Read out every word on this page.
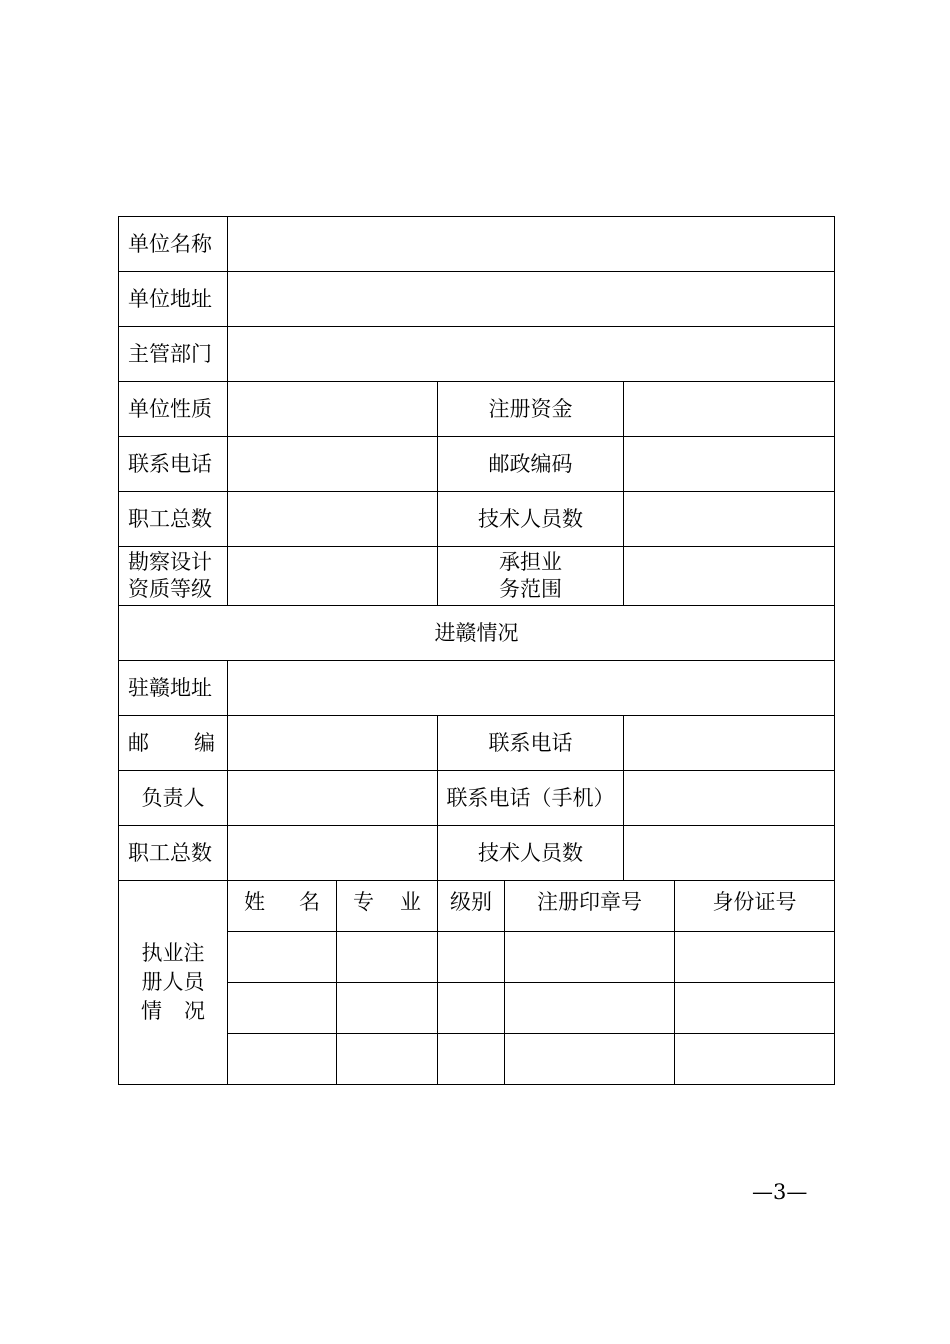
单位名称						
单位地址						
主管部门						
单位性质			注册资金			
联系电话			邮政编码			
职工总数			技术人员数			

勘察设计
资质等级			承担业
务范围			

进赣情况						
驻赣地址						

邮 编			联系电话			
负责人			联系电话（手机）			
职工总数			技术人员数			

执业注
册人员
情 况	姓 名	专 业	级别	注册印章号		身份证号

—3—
